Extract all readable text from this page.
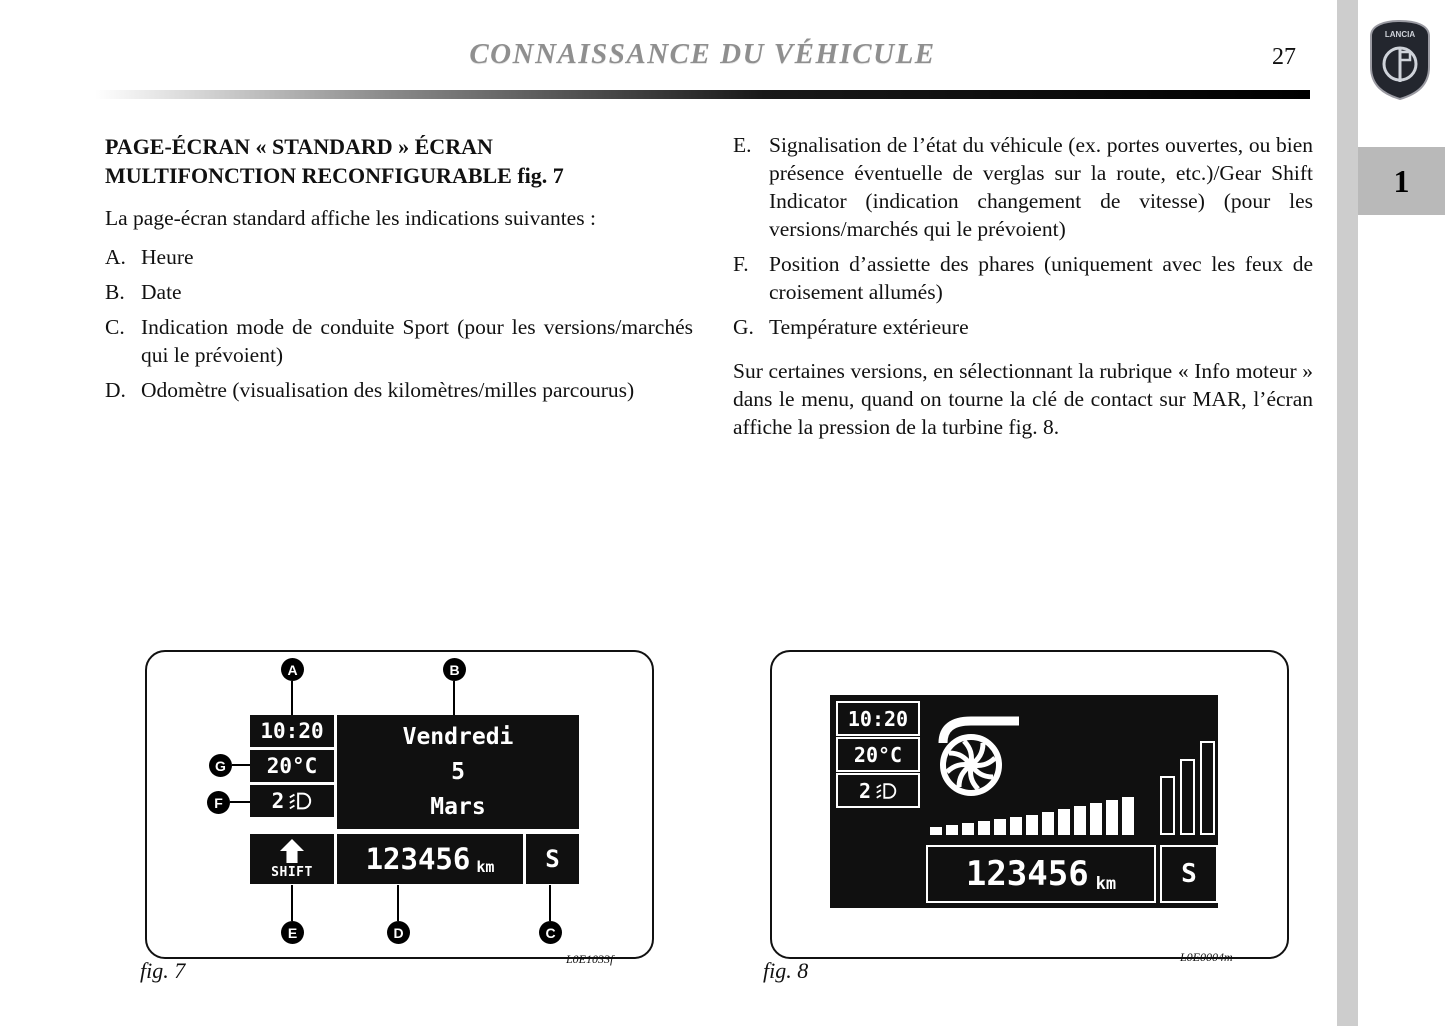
CONNAISSANCE DU VÉHICULE	27
LANCIA
1
PAGE-ÉCRAN « STANDARD » ÉCRAN
MULTIFONCTION RECONFIGURABLE fig. 7
La page-écran standard affiche les indications suivantes :
A. Heure
B. Date
C. Indication mode de conduite Sport (pour les versions/marchés qui le prévoient)
D. Odomètre (visualisation des kilomètres/milles parcourus)
E. Signalisation de l’état du véhicule (ex. portes ouvertes, ou bien présence éventuelle de verglas sur la route, etc.)/Gear Shift Indicator (indication changement de vitesse) (pour les versions/marchés qui le prévoient)
F. Position d’assiette des phares (uniquement avec les feux de croisement allumés)
G. Température extérieure
Sur certaines versions, en sélectionnant la rubrique « Info moteur » dans le menu, quand on tourne la clé de contact sur MAR, l’écran affiche la pression de la turbine fig. 8.
10:20
20°C
2
SHIFT
Vendredi
5
Mars
123456 km	S
A	B
G
F
E	D	C
fig. 7	L0E1033f
10:20
20°C
2
123456 km	S
fig. 8
L0E0004m
